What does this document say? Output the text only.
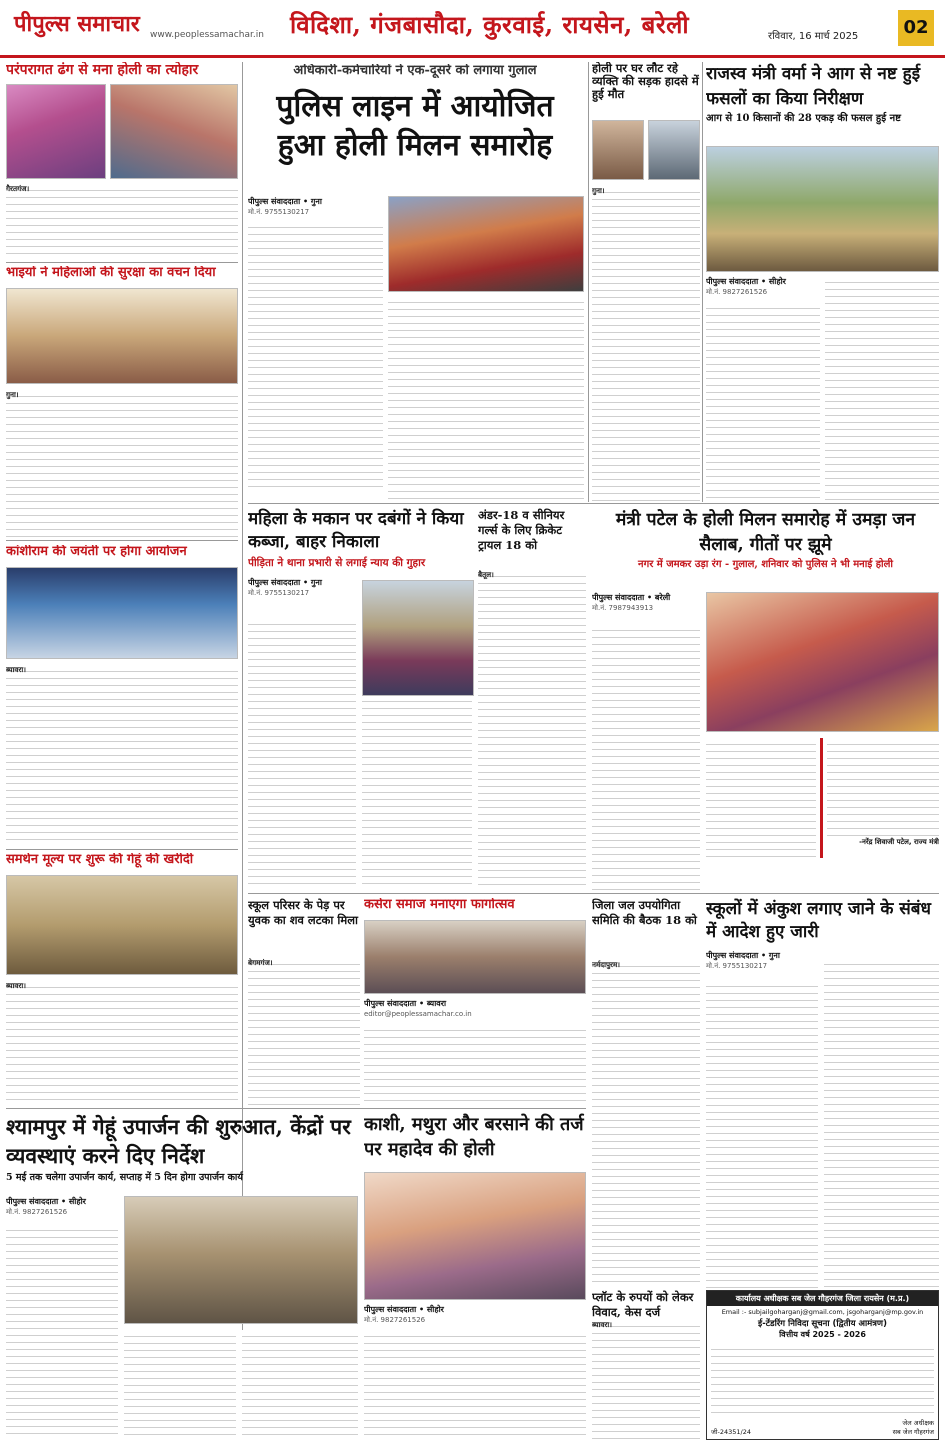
पीपुल्स समाचार www.peoplessamachar.in विदिशा, गंजबासौदा, कुरवाई, रायसेन, बरेली	रविवार, 16 मार्च 2025	02
परंपरागत ढंग से मना होली का त्योहार
गैरतगंज।
भाइयों ने महिलाओं की सुरक्षा का वचन दिया
गुना।
कांशीराम की जयंती पर होगा आयोजन
ब्यावरा।
समर्थन मूल्य पर शुरू की गेहूं की खरीदी
ब्यावरा।
अधिकारी-कर्मचारियों ने एक-दूसरे को लगाया गुलाल
पुलिस लाइन में आयोजित हुआ होली मिलन समारोह
पीपुल्स संवाददाता • गुना
मो.नं. 9755130217
होली पर घर लौट रहे व्यक्ति की सड़क हादसे में हुई मौत
गुना।
राजस्व मंत्री वर्मा ने आग से नष्ट हुई फसलों का किया निरीक्षण
आग से 10 किसानों की 28 एकड़ की फसल हुई नष्ट
पीपुल्स संवाददाता • सीहोर
मो.नं. 9827261526
महिला के मकान पर दबंगों ने किया कब्जा, बाहर निकाला
पीड़िता ने थाना प्रभारी से लगाई न्याय की गुहार
पीपुल्स संवाददाता • गुना
मो.नं. 9755130217
अंडर-18 व सीनियर गर्ल्स के लिए क्रिकेट ट्रायल 18 को
बैतूल।
मंत्री पटेल के होली मिलन समारोह में उमड़ा जन सैलाब, गीतों पर झूमे
नगर में जमकर उड़ा रंग - गुलाल, शनिवार को पुलिस ने भी मनाई होली
पीपुल्स संवाददाता • बरेली
मो.नं. 7987943913
-नरेंद्र शिवाजी पटेल, राज्य मंत्री
स्कूल परिसर के पेड़ पर युवक का शव लटका मिला
बेगमगंज।
कसेरा समाज मनाएगा फागोत्सव
पीपुल्स संवाददाता • ब्यावरा
editor@peoplessamachar.co.in
जिला जल उपयोगिता समिति की बैठक 18 को
नर्मदापुरम।
स्कूलों में अंकुश लगाए जाने के संबंध में आदेश हुए जारी
पीपुल्स संवाददाता • गुना
मो.नं. 9755130217
श्यामपुर में गेहूं उपार्जन की शुरुआत, केंद्रों पर व्यवस्थाएं करने दिए निर्देश
5 मई तक चलेगा उपार्जन कार्य, सप्ताह में 5 दिन होगा उपार्जन कार्य
पीपुल्स संवाददाता • सीहोर
मो.नं. 9827261526
काशी, मथुरा और बरसाने की तर्ज पर महादेव की होली
पीपुल्स संवाददाता • सीहोर
मो.नं. 9827261526
प्लॉट के रुपयों को लेकर विवाद, केस दर्ज
ब्यावरा।
कार्यालय अधीक्षक सब जेल गौहरगंज जिला रायसेन (म.प्र.)
Email :- subjailgoharganj@gmail.com, jsgoharganj@mp.gov.in
ई-टेंडरिंग निविदा सूचना (द्वितीय आमंत्रण)
वित्तीय वर्ष 2025 - 2026
जी-24351/24
जेल अधीक्षक
सब जेल गौहरगंज
